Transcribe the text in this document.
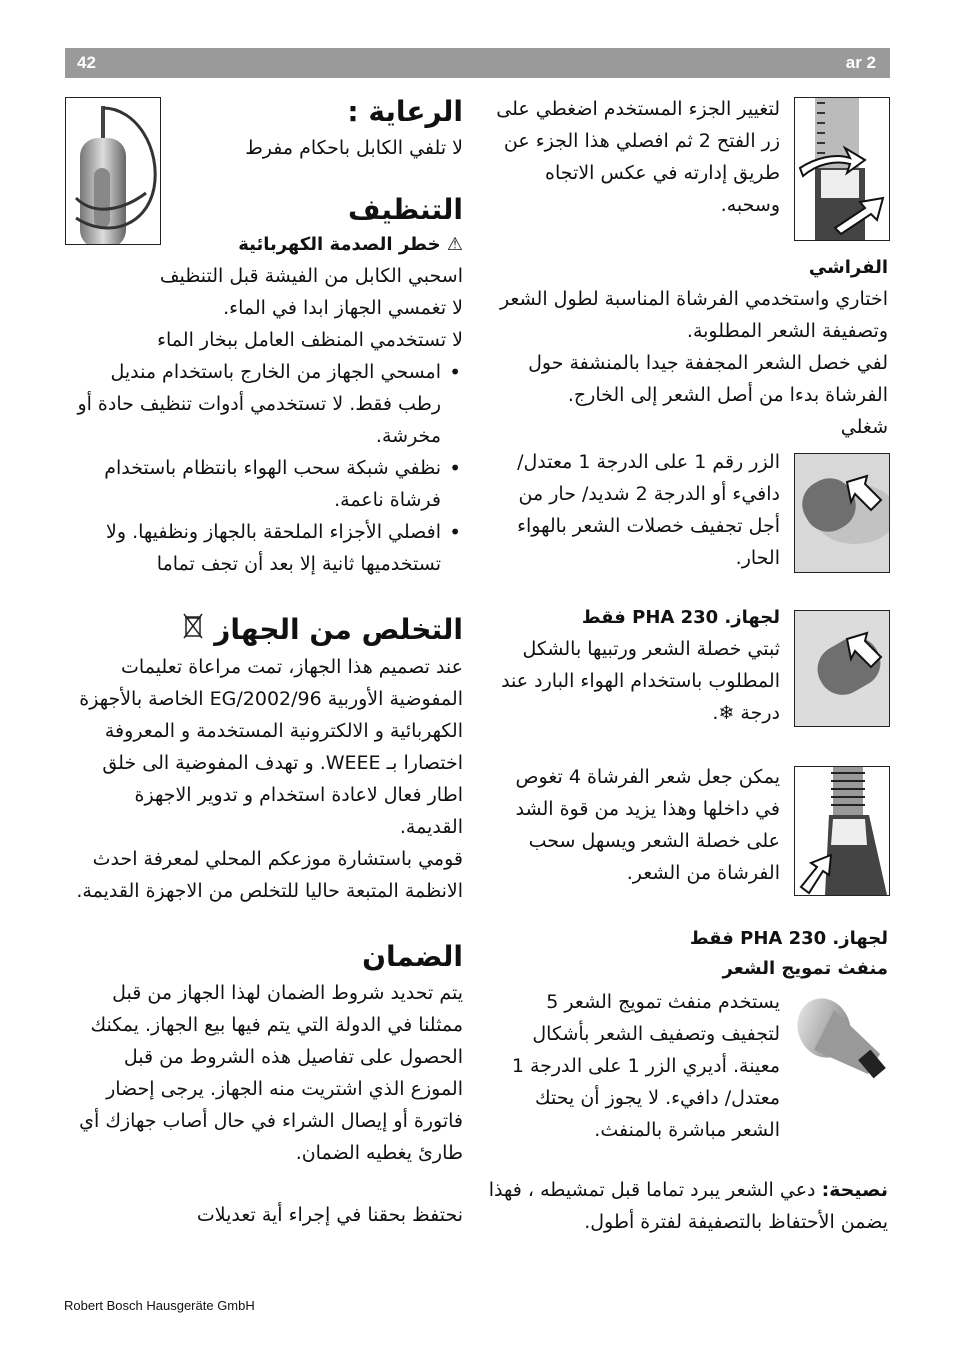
42	ar 2
الرعاية :

لا تلفي الكابل باحكام مفرط

التنظيف
⚠ خطر الصدمة الكهربائية

اسحبي الكابل من الفيشة قبل التنظيف

لا تغمسي الجهاز ابدا في الماء.

لا تستخدمي المنظف العامل ببخار الماء

• امسحي الجهاز من الخارج باستخدام منديل رطب فقط. لا تستخدمي أدوات تنظيف حادة أو مخرشة.

• نظفي شبكة سحب الهواء بانتظام باستخدام فرشاة ناعمة.

• افصلي الأجزاء الملحقة بالجهاز ونظفيها. ولا تستخدميها ثانية إلا بعد أن تجف تماما

التخلص من الجهاز

عند تصميم هذا الجهاز، تمت مراعاة تعليمات المفوضية الأوربية 2002/96/EG الخاصة بالأجهزة الكهربائية و الالكترونية المستخدمة و المعروفة اختصارا بـ WEEE. و تهدف المفوضية الى خلق اطار فعال لاعادة استخدام و تدوير الاجهزة القديمة.

قومي باستشارة موزعكم المحلي لمعرفة احدث الانظمة المتبعة حاليا للتخلص من الاجهزة القديمة.

الضمان

يتم تحديد شروط الضمان لهذا الجهاز من قبل ممثلنا في الدولة التي يتم فيها بيع الجهاز. يمكنك الحصول على تفاصيل هذه الشروط من قبل الموزع الذي اشتريت منه الجهاز. يرجى إحضار فاتورة أو إيصال الشراء في حال أصاب جهازك أي طارئ يغطيه الضمان.

نحتفظ بحقنا في إجراء أية تعديلات

لتغيير الجزء المستخدم اضغطي على زر الفتح 2 ثم افصلي هذا الجزء عن طريق إدارته في عكس الاتجاه وسحبه.

الفراشي

اختاري واستخدمي الفرشاة المناسبة لطول الشعر وتصفيفة الشعر المطلوبة.

لفي خصل الشعر المجففة جيدا بالمنشفة حول الفرشاة بدءا من أصل الشعر إلى الخارج.

شغلي

الزر رقم 1 على الدرجة 1 معتدل/ دافيء أو الدرجة 2 شديد/ حار من أجل تجفيف خصلات الشعر بالهواء الحار.

لجهاز. PHA 230 فقط

ثبتي خصلة الشعر ورتبيها بالشكل المطلوب باستخدام الهواء البارد عند درجة ❄.

يمكن جعل شعر الفرشاة 4 تغوص في داخلها وهذا يزيد من قوة الشد على خصلة الشعر ويسهل سحب الفرشاة من الشعر.

لجهاز. PHA 230 فقط
منفث تمويج الشعر

يستخدم منفث تمويج الشعر 5 لتجفيف وتصفيف الشعر بأشكال معينة. أديري الزر 1 على الدرجة 1 معتدل/ دافيء. لا يجوز أن يحتك الشعر مباشرة بالمنفث.

نصيحة: دعي الشعر يبرد تماما قبل تمشيطه ، فهذا يضمن الأحتفاظ بالتصفيفة لفترة أطول.

Robert Bosch Hausgeräte GmbH
